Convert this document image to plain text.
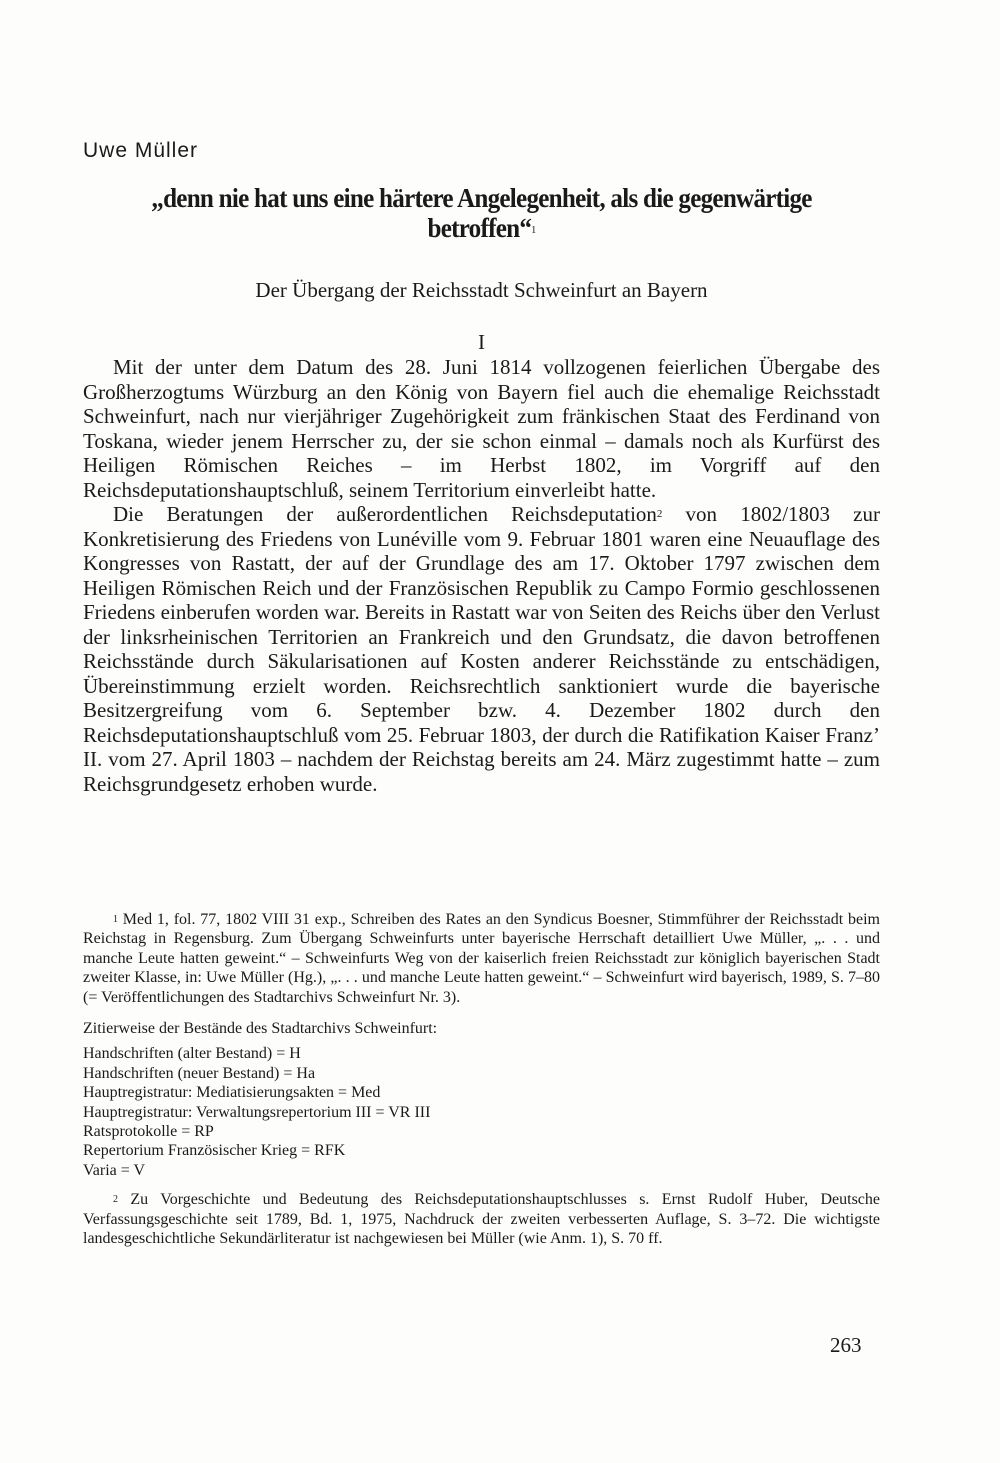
Uwe Müller
„denn nie hat uns eine härtere Angelegenheit, als die gegenwärtige
betroffen“$^1$
Der Übergang der Reichsstadt Schweinfurt an Bayern
I

Mit der unter dem Datum des 28. Juni 1814 vollzogenen feierlichen Übergabe des Großherzogtums Würzburg an den König von Bayern fiel auch die ehemalige Reichsstadt Schweinfurt, nach nur vierjähriger Zugehörigkeit zum fränkischen Staat des Ferdinand von Toskana, wieder jenem Herrscher zu, der sie schon einmal – damals noch als Kurfürst des Heiligen Römischen Reiches – im Herbst 1802, im Vorgriff auf den Reichsdeputationshauptschluß, seinem Territorium einverleibt hatte.

Die Beratungen der außerordentlichen Reichsdeputation$^2$ von 1802/1803 zur Konkretisierung des Friedens von Lunéville vom 9. Februar 1801 waren eine Neuauflage des Kongresses von Rastatt, der auf der Grundlage des am 17. Oktober 1797 zwischen dem Heiligen Römischen Reich und der Französischen Republik zu Campo Formio geschlossenen Friedens einberufen worden war. Bereits in Rastatt war von Seiten des Reichs über den Verlust der linksrheinischen Territorien an Frankreich und den Grundsatz, die davon betroffenen Reichsstände durch Säkularisationen auf Kosten anderer Reichsstände zu entschädigen, Übereinstimmung erzielt worden. Reichsrechtlich sanktioniert wurde die bayerische Besitzergreifung vom 6. September bzw. 4. Dezember 1802 durch den Reichsdeputationshauptschluß vom 25. Februar 1803, der durch die Ratifikation Kaiser Franz’ II. vom 27. April 1803 – nachdem der Reichstag bereits am 24. März zugestimmt hatte – zum Reichsgrundgesetz erhoben wurde.

$^1$ Med 1, fol. 77, 1802 VIII 31 exp., Schreiben des Rates an den Syndicus Boesner, Stimmführer der Reichsstadt beim Reichstag in Regensburg. Zum Übergang Schweinfurts unter bayerische Herrschaft detailliert Uwe Müller, „. . . und manche Leute hatten geweint.“ – Schweinfurts Weg von der kaiserlich freien Reichsstadt zur königlich bayerischen Stadt zweiter Klasse, in: Uwe Müller (Hg.), „. . . und manche Leute hatten geweint.“ – Schweinfurt wird bayerisch, 1989, S. 7–80 (= Veröffentlichungen des Stadtarchivs Schweinfurt Nr. 3).

Zitierweise der Bestände des Stadtarchivs Schweinfurt:

Handschriften (alter Bestand) = H
Handschriften (neuer Bestand) = Ha
Hauptregistratur: Mediatisierungsakten = Med
Hauptregistratur: Verwaltungsrepertorium III = VR III
Ratsprotokolle = RP
Repertorium Französischer Krieg = RFK
Varia = V

$^2$ Zu Vorgeschichte und Bedeutung des Reichsdeputationshauptschlusses s. Ernst Rudolf Huber, Deutsche Verfassungsgeschichte seit 1789, Bd. 1, 1975, Nachdruck der zweiten verbesserten Auflage, S. 3–72. Die wichtigste landesgeschichtliche Sekundärliteratur ist nachgewiesen bei Müller (wie Anm. 1), S. 70 ff.

263
